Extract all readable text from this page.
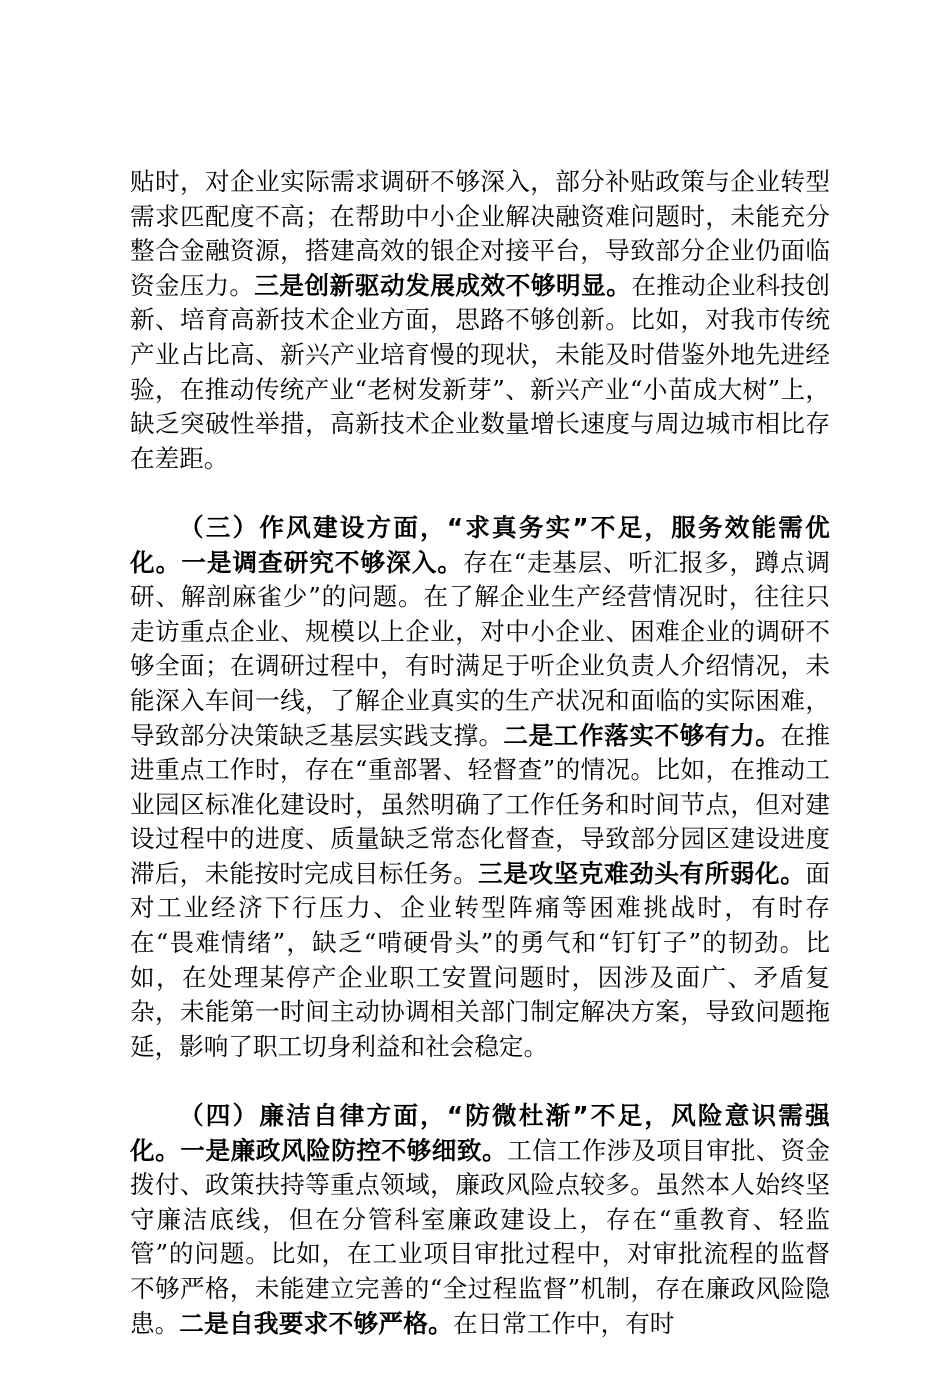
贴时，对企业实际需求调研不够深入，部分补贴政策与企业转型需求匹配度不高；在帮助中小企业解决融资难问题时，未能充分整合金融资源，搭建高效的银企对接平台，导致部分企业仍面临资金压力。三是创新驱动发展成效不够明显。在推动企业科技创新、培育高新技术企业方面，思路不够创新。比如，对我市传统产业占比高、新兴产业培育慢的现状，未能及时借鉴外地先进经验，在推动传统产业“老树发新芽”、新兴产业“小苗成大树”上，缺乏突破性举措，高新技术企业数量增长速度与周边城市相比存在差距。

（三）作风建设方面，“求真务实”不足，服务效能需优化。一是调查研究不够深入。存在“走基层、听汇报多，蹲点调研、解剖麻雀少”的问题。在了解企业生产经营情况时，往往只走访重点企业、规模以上企业，对中小企业、困难企业的调研不够全面；在调研过程中，有时满足于听企业负责人介绍情况，未能深入车间一线，了解企业真实的生产状况和面临的实际困难，导致部分决策缺乏基层实践支撑。二是工作落实不够有力。在推进重点工作时，存在“重部署、轻督查”的情况。比如，在推动工业园区标准化建设时，虽然明确了工作任务和时间节点，但对建设过程中的进度、质量缺乏常态化督查，导致部分园区建设进度滞后，未能按时完成目标任务。三是攻坚克难劲头有所弱化。面对工业经济下行压力、企业转型阵痛等困难挑战时，有时存在“畏难情绪”，缺乏“啃硬骨头”的勇气和“钉钉子”的韧劲。比如，在处理某停产企业职工安置问题时，因涉及面广、矛盾复杂，未能第一时间主动协调相关部门制定解决方案，导致问题拖延，影响了职工切身利益和社会稳定。

（四）廉洁自律方面，“防微杜渐”不足，风险意识需强化。一是廉政风险防控不够细致。工信工作涉及项目审批、资金拨付、政策扶持等重点领域，廉政风险点较多。虽然本人始终坚守廉洁底线，但在分管科室廉政建设上，存在“重教育、轻监管”的问题。比如，在工业项目审批过程中，对审批流程的监督不够严格，未能建立完善的“全过程监督”机制，存在廉政风险隐患。二是自我要求不够严格。在日常工作中，有时
